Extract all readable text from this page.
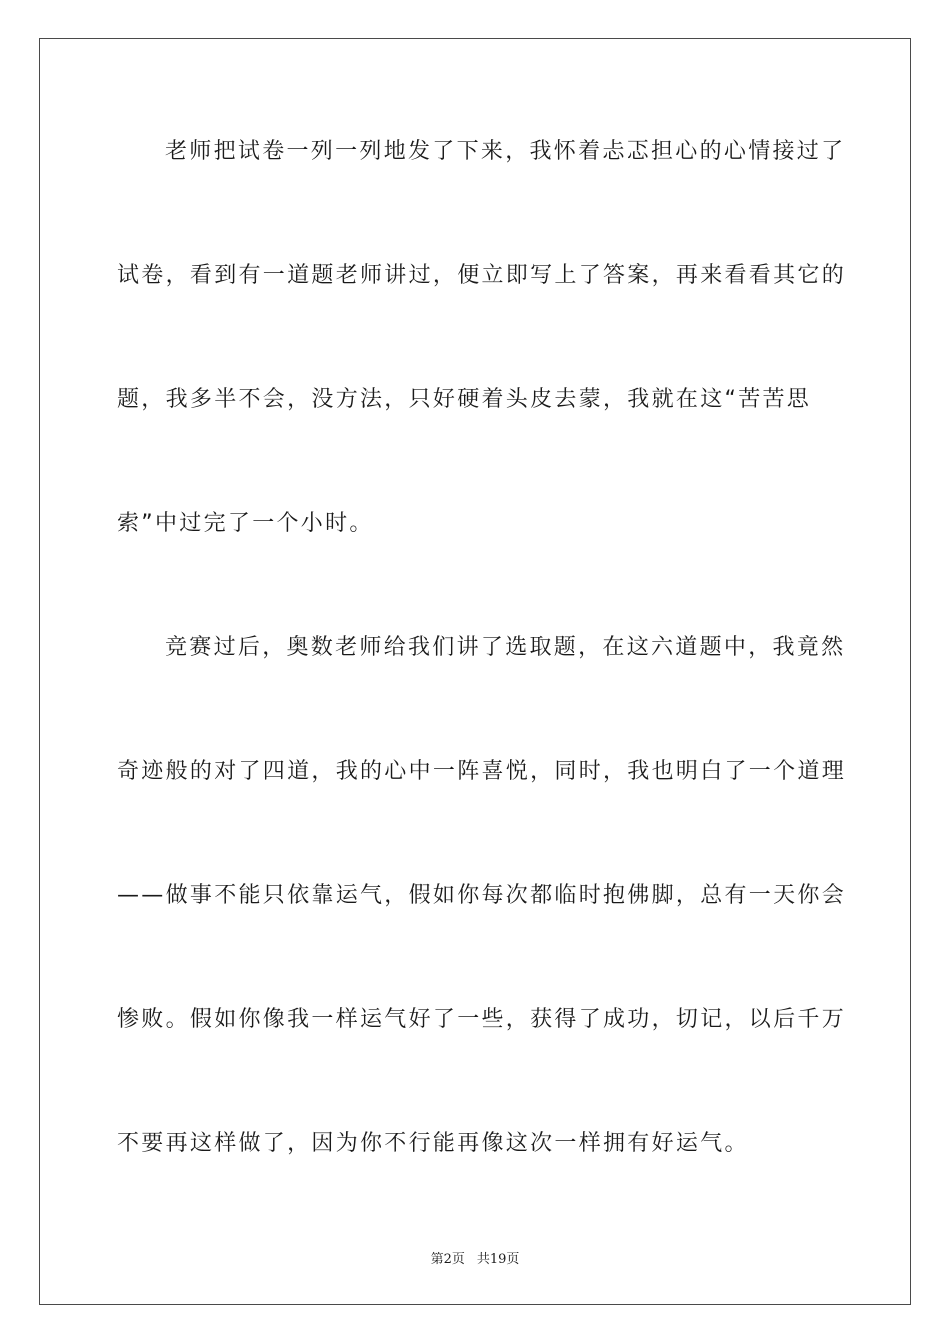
老师把试卷一列一列地发了下来，我怀着忐忑担心的心情接过了
试卷，看到有一道题老师讲过，便立即写上了答案，再来看看其它的
题，我多半不会，没方法，只好硬着头皮去蒙，我就在这“苦苦思
索”中过完了一个小时。
竞赛过后，奥数老师给我们讲了选取题，在这六道题中，我竟然
奇迹般的对了四道，我的心中一阵喜悦，同时，我也明白了一个道理
——做事不能只依靠运气，假如你每次都临时抱佛脚，总有一天你会
惨败。假如你像我一样运气好了一些，获得了成功，切记，以后千万
不要再这样做了，因为你不行能再像这次一样拥有好运气。
第2页 共19页
